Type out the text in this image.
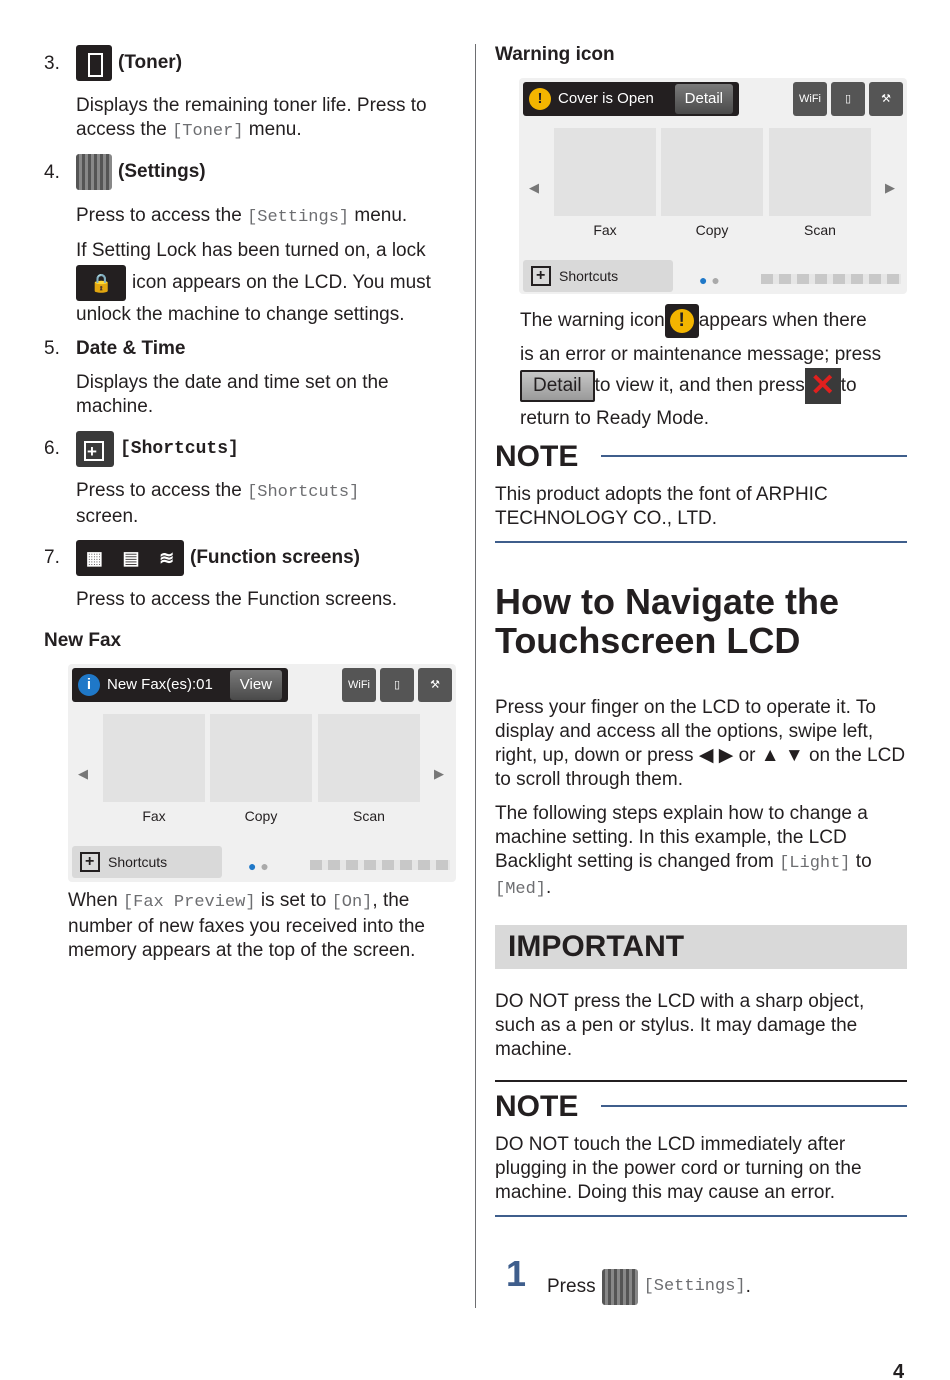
3.	(Toner)
Displays the remaining toner life. Press to
access the [Toner] menu.
4.	(Settings)
Press to access the [Settings] menu.
If Setting Lock has been turned on, a lock
🔒
icon appears on the LCD. You must
unlock the machine to change settings.
5. Date & Time
Displays the date and time set on the
machine.
6. +	[Shortcuts]
Press to access the [Shortcuts]
screen.
7. ▦ ▤ ≋ (Function screens)
Press to access the Function screens.
New Fax
i	New Fax(es):01	View	WiFi	▯	⚒
◀
Fax	Copy	Scan
▶
+
Shortcuts	● ●
When [Fax Preview] is set to [On], the
number of new faxes you received into the
memory appears at the top of the screen.
Warning icon
!	Cover is Open	Detail	WiFi	▯	⚒
◀
Fax	Copy	Scan
▶
+
Shortcuts	● ●
The warning icon ! appears when there
is an error or maintenance message; press
Detail to view it, and then press ✕ to
return to Ready Mode.
NOTE
This product adopts the font of ARPHIC
TECHNOLOGY CO., LTD.
How to Navigate the
Touchscreen LCD
Press your finger on the LCD to operate it. To
display and access all the options, swipe left,
right, up, down or press ◀ ▶ or ▲ ▼ on the LCD
to scroll through them.
The following steps explain how to change a
machine setting. In this example, the LCD
Backlight setting is changed from [Light] to
[Med].
IMPORTANT
DO NOT press the LCD with a sharp object,
such as a pen or stylus. It may damage the
machine.
NOTE
DO NOT touch the LCD immediately after
plugging in the power cord or turning on the
machine. Doing this may cause an error.
1 Press	[Settings] .
4
